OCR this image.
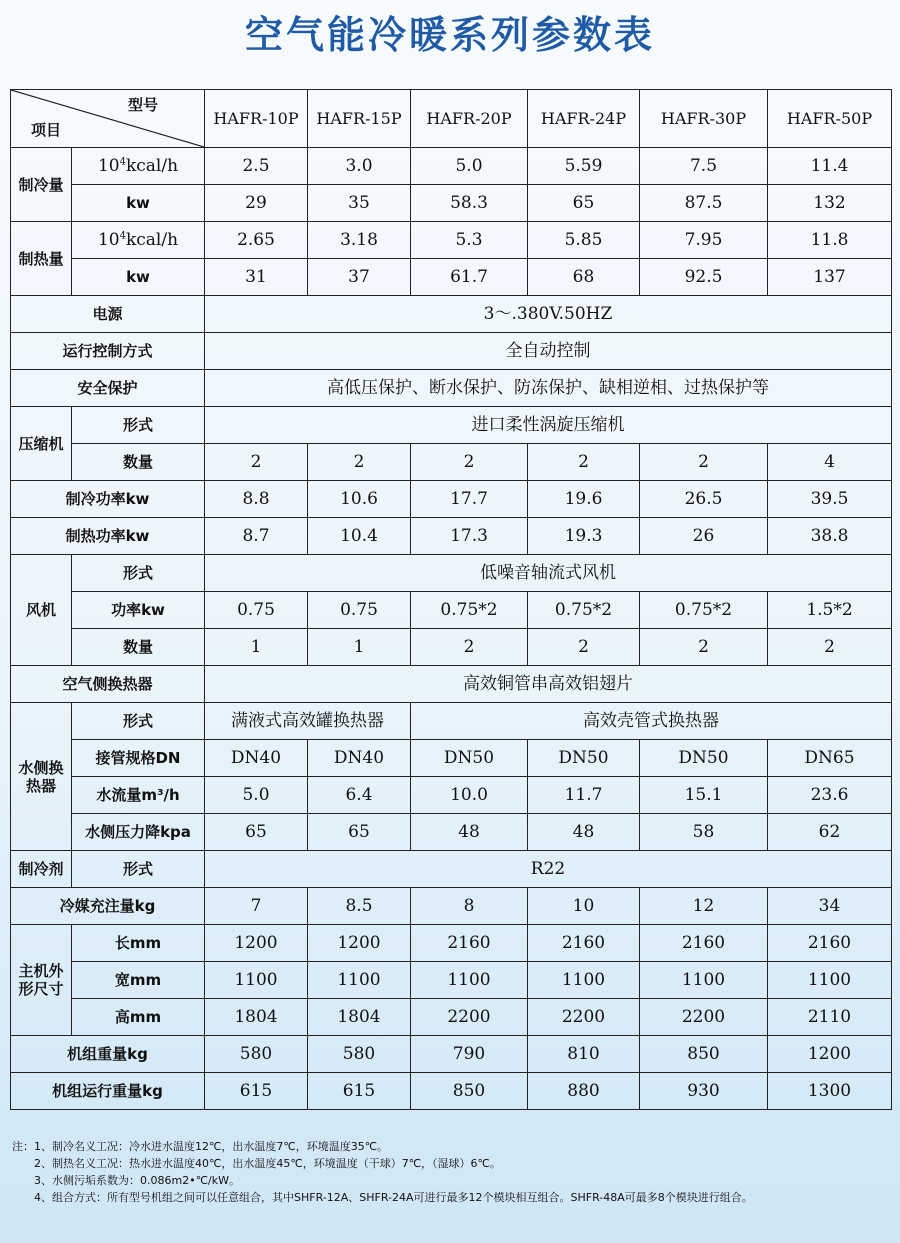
空气能冷暖系列参数表
型号
项目		HAFR-10P	HAFR-15P	HAFR-20P	HAFR-24P	HAFR-30P	HAFR-50P
制冷量	$10^4kcal/h$	2.5	3.0	5.0	5.59	7.5	11.4
	kw	29	35	58.3	65	87.5	132
制热量	$10^4kcal/h$	2.65	3.18	5.3	5.85	7.95	11.8
	kw	31	37	61.7	68	92.5	137
电源		3～.380V.50HZ					
运行控制方式		全自动控制					
安全保护		高低压保护、断水保护、防冻保护、缺相逆相、过热保护等					
压缩机	形式	进口柔性涡旋压缩机					
	数量	2	2	2	2	2	4
制冷功率kw		8.8	10.6	17.7	19.6	26.5	39.5
制热功率kw		8.7	10.4	17.3	19.3	26	38.8
风机	形式	低噪音轴流式风机					
	功率kw	0.75	0.75	0.75*2	0.75*2	0.75*2	1.5*2
	数量	1	1	2	2	2	2
空气侧换热器		高效铜管串高效铝翅片					
水侧换
热器	形式	满液式高效罐换热器		高效壳管式换热器			
	接管规格DN	DN40	DN40	DN50	DN50	DN50	DN65
	水流量m³/h	5.0	6.4	10.0	11.7	15.1	23.6
	水侧压力降kpa	65	65	48	48	58	62
制冷剂	形式	R22					
冷媒充注量kg		7	8.5	8	10	12	34
主机外
形尺寸	长mm	1200	1200	2160	2160	2160	2160
	宽mm	1100	1100	1100	1100	1100	1100
	高mm	1804	1804	2200	2200	2200	2110
机组重量kg		580	580	790	810	850	1200
机组运行重量kg		615	615	850	880	930	1300
注：1、制冷名义工况：冷水进水温度12℃，出水温度7℃，环境温度35℃。
　　2、制热名义工况：热水进水温度40℃，出水温度45℃，环境温度（干球）7℃，（湿球）6℃。
　　3、水侧污垢系数为：0.086m2•℃/kW。
　　4、组合方式：所有型号机组之间可以任意组合，其中SHFR-12A、SHFR-24A可进行最多12个模块相互组合。SHFR-48A可最多8个模块进行组合。
